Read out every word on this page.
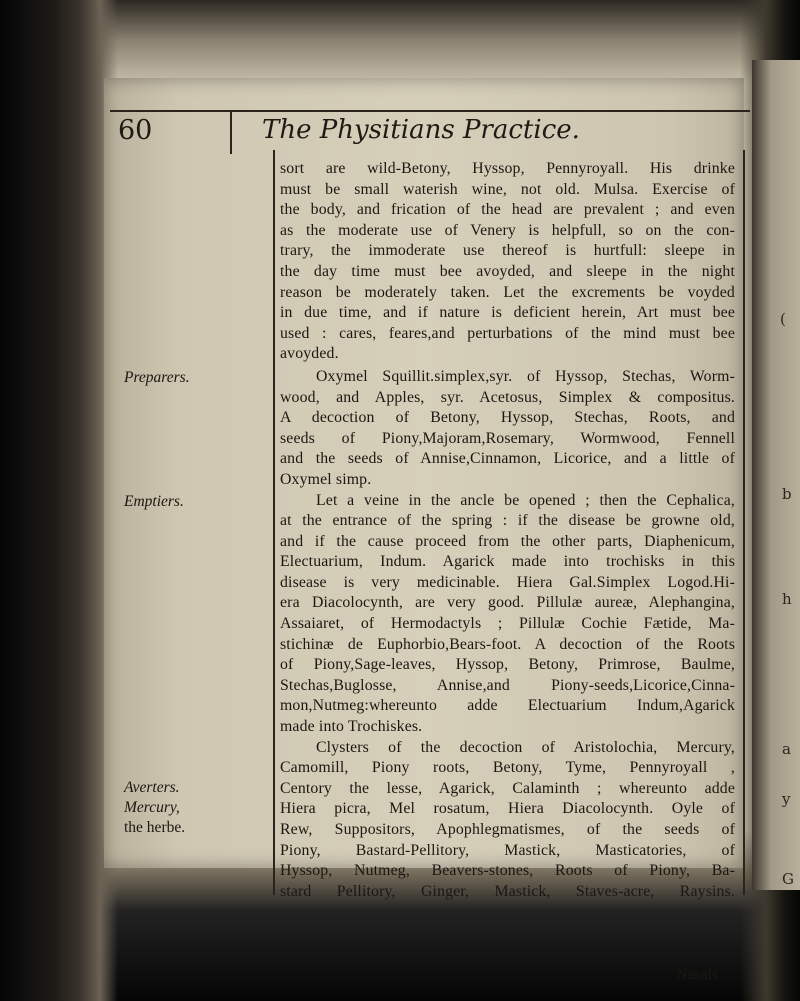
(
b
h
a
y
G
60	The Physitians Practice.
Preparers.
Emptiers.
Averters.
Mercury,
the herbe.
sort are wild-Betony, Hyssop, Pennyroyall. His drinke
must be small waterish wine, not old. Mulsa. Exercise of
the body, and frication of the head are prevalent ; and even
as the moderate use of Venery is helpfull, so on the con-
trary, the immoderate use thereof is hurtfull: sleepe in
the day time must bee avoyded, and sleepe in the night
reason be moderately taken. Let the excrements be voyded
in due time, and if nature is deficient herein, Art must bee
used : cares, feares,and perturbations of the mind must bee
avoyded.
Oxymel Squillit.simplex,syr. of Hyssop, Stechas, Worm-
wood, and Apples, syr. Acetosus, Simplex & compositus.
A decoction of Betony, Hyssop, Stechas, Roots, and
seeds of Piony,Majoram,Rosemary, Wormwood, Fennell
and the seeds of Annise,Cinnamon, Licorice, and a little of
Oxymel simp.
Let a veine in the ancle be opened ; then the Cephalica,
at the entrance of the spring : if the disease be growne old,
and if the cause proceed from the other parts, Diaphenicum,
Electuarium, Indum. Agarick made into trochisks in this
disease is very medicinable. Hiera Gal.Simplex Logod.Hi-
era Diacolocynth, are very good. Pillulæ aureæ, Alephangina,
Assaiaret, of Hermodactyls ; Pillulæ Cochie Fætide, Ma-
stichinæ de Euphorbio,Bears-foot. A decoction of the Roots
of Piony,Sage-leaves, Hyssop, Betony, Primrose, Baulme,
Stechas,Buglosse, Annise,and Piony-seeds,Licorice,Cinna-
mon,Nutmeg:whereunto adde Electuarium Indum,Agarick
made into Trochiskes.
Clysters of the decoction of Aristolochia, Mercury,
Camomill, Piony roots, Betony, Tyme, Pennyroyall ,
Centory the lesse, Agarick, Calaminth ; whereunto adde
Hiera picra, Mel rosatum, Hiera Diacolocynth. Oyle of
Rew, Suppositors, Apophlegmatismes, of the seeds of
Piony, Bastard-Pellitory, Mastick, Masticatories, of
Hyssop, Nutmeg, Beavers-stones, Roots of Piony, Ba-
stard Pellitory, Ginger, Mastick, Staves-acre, Raysins.
Nasals
